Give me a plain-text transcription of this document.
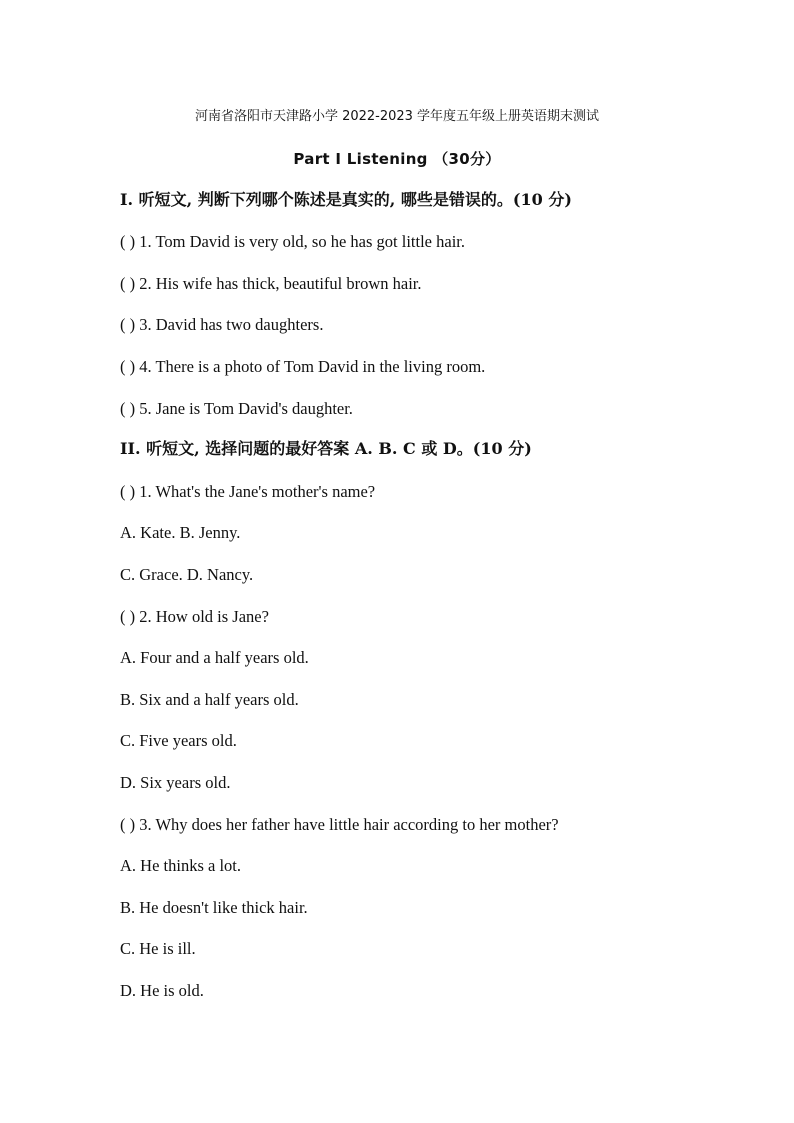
河南省洛阳市天津路小学 2022-2023 学年度五年级上册英语期末测试
Part I Listening （30分）
I. 听短文, 判断下列哪个陈述是真实的, 哪些是错误的。(10 分)
( ) 1. Tom David is very old, so he has got little hair.
( ) 2. His wife has thick, beautiful brown hair.
( ) 3. David has two daughters.
( ) 4. There is a photo of Tom David in the living room.
( ) 5. Jane is Tom David's daughter.
II. 听短文, 选择问题的最好答案 A. B. C 或 D。(10 分)
( ) 1. What's the Jane's mother's name?
A. Kate. B. Jenny.
C. Grace. D. Nancy.
( ) 2. How old is Jane?
A. Four and a half years old.
B. Six and a half years old.
C. Five years old.
D. Six years old.
( ) 3. Why does her father have little hair according to her mother?
A. He thinks a lot.
B. He doesn't like thick hair.
C. He is ill.
D. He is old.
